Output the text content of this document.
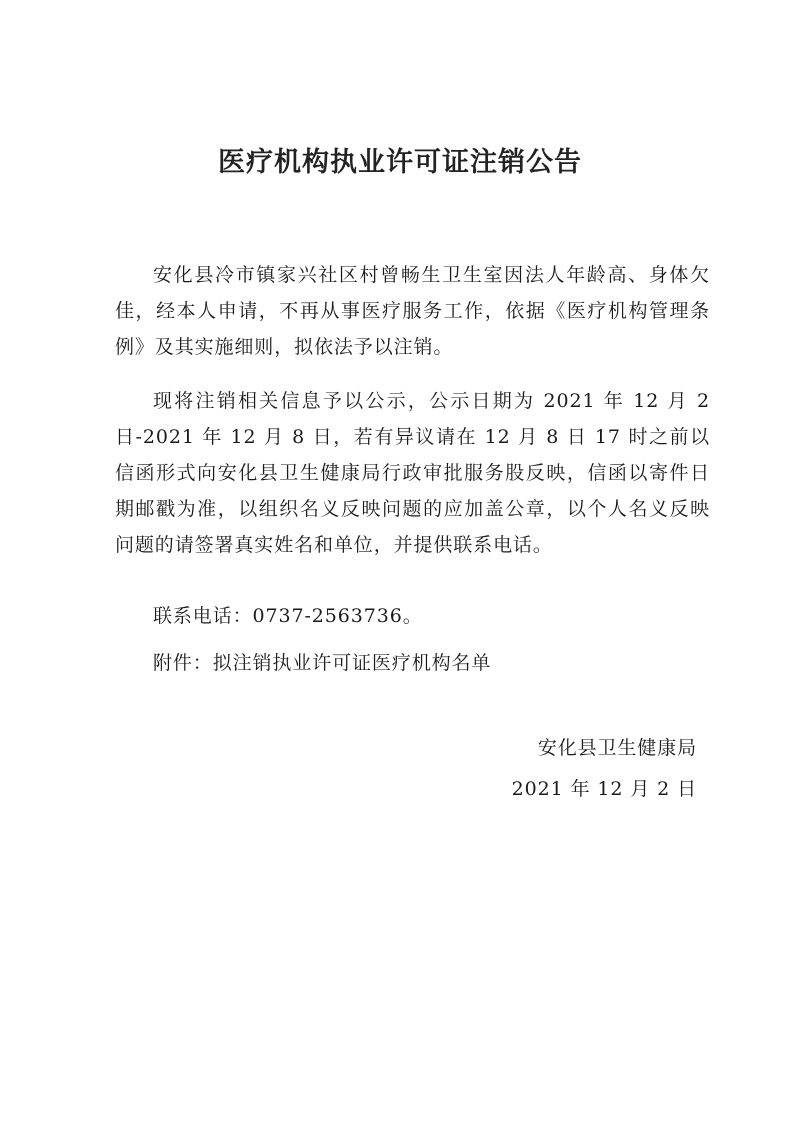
医疗机构执业许可证注销公告
安化县冷市镇家兴社区村曾畅生卫生室因法人年龄高、身体欠佳，经本人申请，不再从事医疗服务工作，依据《医疗机构管理条例》及其实施细则，拟依法予以注销。
现将注销相关信息予以公示，公示日期为 2021 年 12 月 2 日-2021 年 12 月 8 日，若有异议请在 12 月 8 日 17 时之前以信函形式向安化县卫生健康局行政审批服务股反映，信函以寄件日期邮戳为准，以组织名义反映问题的应加盖公章，以个人名义反映问题的请签署真实姓名和单位，并提供联系电话。
联系电话：0737-2563736。
附件：拟注销执业许可证医疗机构名单
安化县卫生健康局
2021 年 12 月 2 日
